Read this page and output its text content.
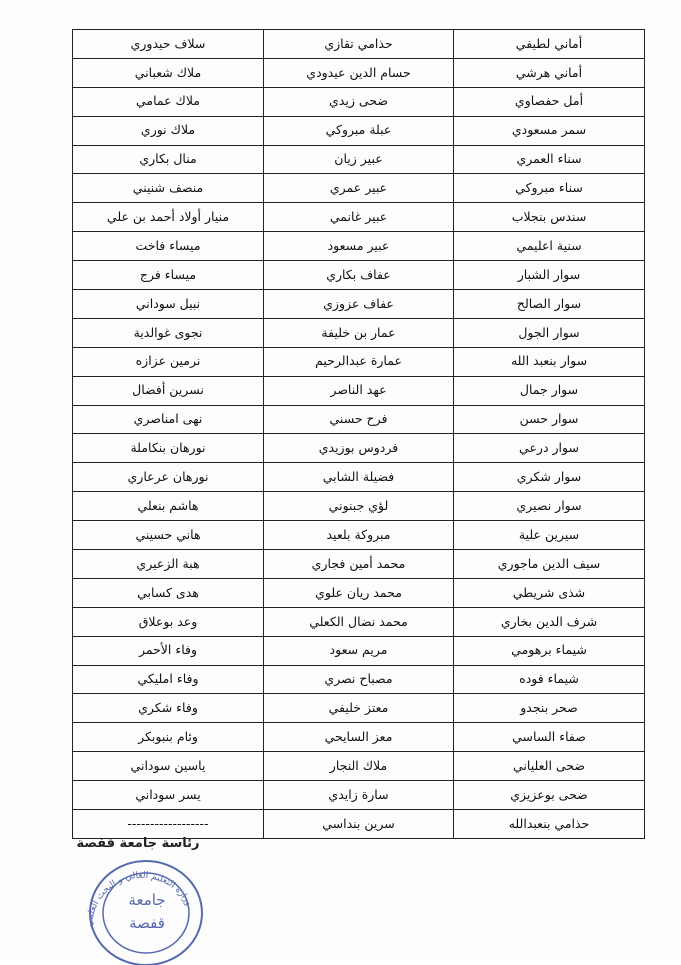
أماني لطيفي	حذامي تقازي	سلاف حيدوري
أماني هرشي	حسام الدين عيدودي	ملاك شعباني
أمل حفصاوي	ضحى زيدي	ملاك عمامي
سمر مسعودي	عبلة مبروكي	ملاك نوري
سناء العمري	عبير زيان	منال بكاري
سناء مبروكي	عبير عمري	منصف شنيني
سندس بنجلاب	عبير غانمي	منيار أولاد أحمد بن علي
سنية اعليمي	عبير مسعود	ميساء فاخت
سوار الشبار	عفاف بكاري	ميساء فرج
سوار الصالح	عفاف عزوزي	نبيل سوداني
سوار الجول	عمار بن خليفة	نجوى غوالدية
سوار بنعبد الله	عمارة عبدالرحيم	نرمين عزازه
سوار جمال	عهد الناصر	نسرين أفضال
سوار حسن	فرح حسني	نهى امناصري
سوار درعي	فردوس بوزيدي	نورهان بنكاملة
سوار شكري	فضيلة الشابي	نورهان عرعاري
سوار نصيري	لؤي جبنوني	هاشم بنعلي
سيرين علية	مبروكة بلعيد	هاني حسيني
سيف الدين ماجوري	محمد أمين فجاري	هبة الزعيري
شذى شريطي	محمد ريان علوي	هدى كسابي
شرف الدين بخاري	محمد نضال الكعلي	وعد بوعلاق
شيماء برهومي	مريم سعود	وفاء الأحمر
شيماء فوده	مصباح نصري	وفاء امليكي
صحر بنجدو	معتز خليفي	وفاء شكري
صفاء الساسي	معز السايحي	وئام بنبوبكر
ضحى العلياني	ملاك النجار	ياسين سوداني
ضحى بوعزيزي	سارة زايدي	يسر سوداني
حذامي بنعبدالله	سرين بنداسي	------------------
وزارة التعليم العالي و البحث العلمي
جامعة
قفصة
رئاسة جامعة قفصة
